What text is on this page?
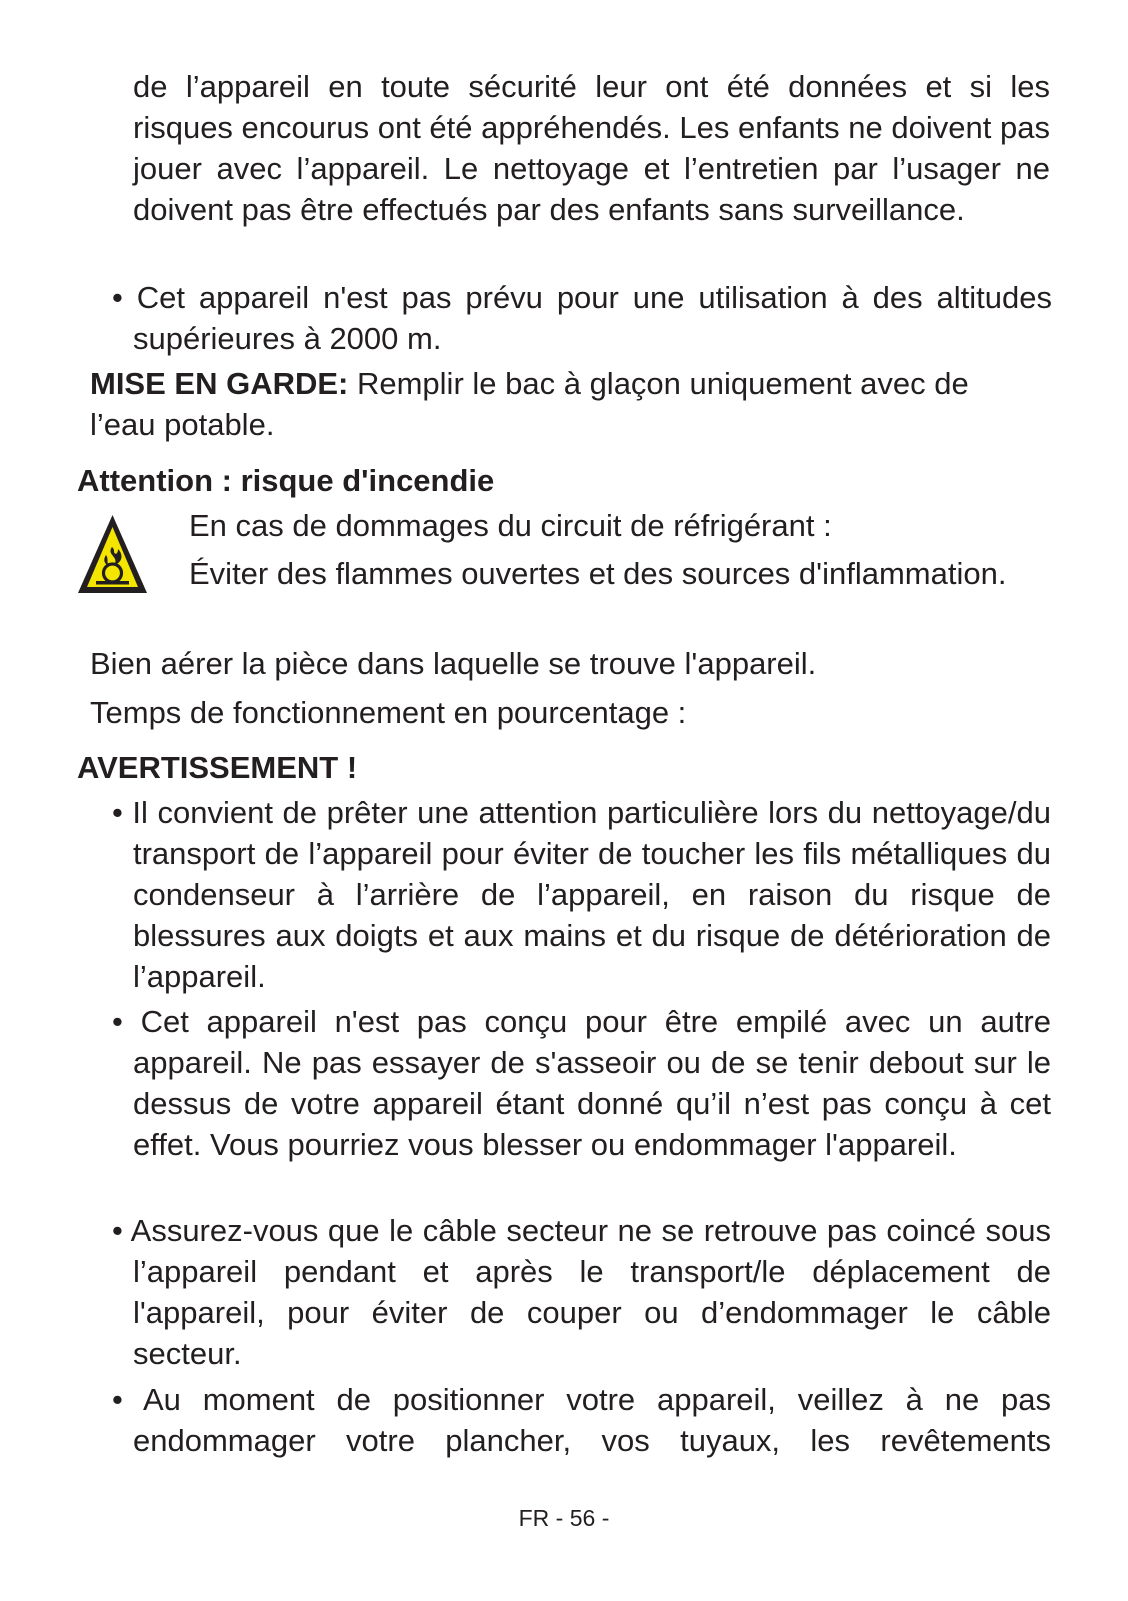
de l’appareil en toute sécurité leur ont été données et si les risques encourus ont été appréhendés. Les enfants ne doivent pas jouer avec l’appareil. Le nettoyage et l’entretien par l’usager ne doivent pas être effectués par des enfants sans surveillance.

• Cet appareil n'est pas prévu pour une utilisation à des altitudes supérieures à 2000 m.

MISE EN GARDE: Remplir le bac à glaçon uniquement avec de l’eau potable.

Attention : risque d'incendie
En cas de dommages du circuit de réfrigérant :
Éviter des flammes ouvertes et des sources d'inflammation.
Bien aérer la pièce dans laquelle se trouve l'appareil.
Temps de fonctionnement en pourcentage :
AVERTISSEMENT !

• Il convient de prêter une attention particulière lors du nettoyage/du transport de l’appareil pour éviter de toucher les fils métalliques du condenseur à l’arrière de l’appareil, en raison du risque de blessures aux doigts et aux mains et du risque de détérioration de l’appareil.

• Cet appareil n'est pas conçu pour être empilé avec un autre appareil. Ne pas essayer de s'asseoir ou de se tenir debout sur le dessus de votre appareil étant donné qu’il n’est pas conçu à cet effet. Vous pourriez vous blesser ou endommager l'appareil.

• Assurez-vous que le câble secteur ne se retrouve pas coincé sous l’appareil pendant et après le transport/le déplacement de l'appareil, pour éviter de couper ou d’endommager le câble secteur.

• Au moment de positionner votre appareil, veillez à ne pas endommager votre plancher, vos tuyaux, les revêtements

FR - 56 -
